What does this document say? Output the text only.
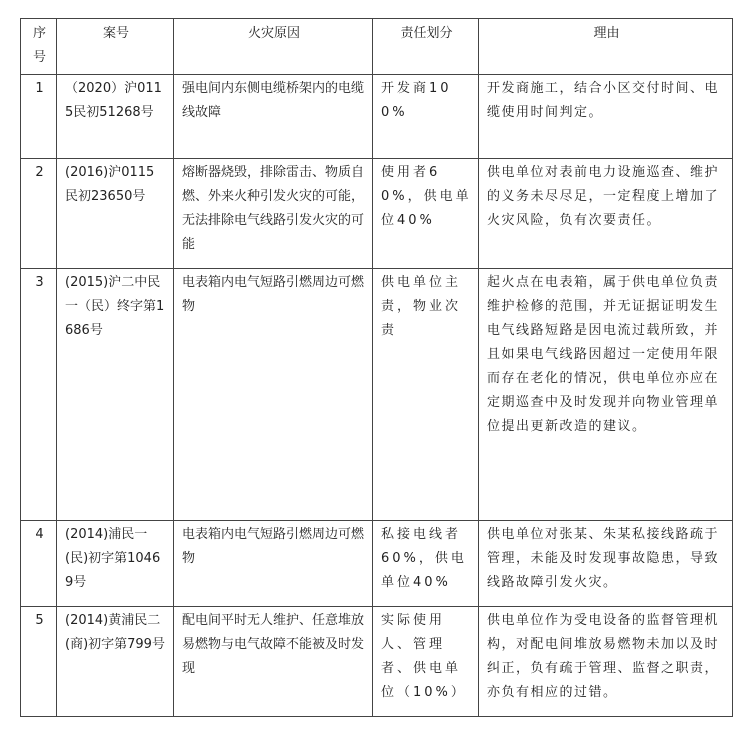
序号	案号	火灾原因	责任划分	理由
1	（2020）沪0115民初51268号	强电间内东侧电缆桥架内的电缆线故障	开发商100%	开发商施工，结合小区交付时间、电缆使用时间判定。
2	(2016)沪0115民初23650号	熔断器烧毁，排除雷击、物质自燃、外来火种引发火灾的可能，无法排除电气线路引发火灾的可能	使用者60%，供电单位40%	供电单位对表前电力设施巡查、维护的义务未尽尽足，一定程度上增加了火灾风险，负有次要责任。
3	(2015)沪二中民一（民）终字第1686号	电表箱内电气短路引燃周边可燃物	供电单位主责，物业次责	起火点在电表箱，属于供电单位负责维护检修的范围，并无证据证明发生电气线路短路是因电流过载所致，并且如果电气线路因超过一定使用年限而存在老化的情况，供电单位亦应在定期巡查中及时发现并向物业管理单位提出更新改造的建议。
4	(2014)浦民一(民)初字第10469号	电表箱内电气短路引燃周边可燃物	私接电线者60%，供电单位40%	供电单位对张某、朱某私接线路疏于管理，未能及时发现事故隐患，导致线路故障引发火灾。
5	(2014)黄浦民二(商)初字第799号	配电间平时无人维护、任意堆放易燃物与电气故障不能被及时发现	实际使用人、管理者、供电单位（10%）	供电单位作为受电设备的监督管理机构，对配电间堆放易燃物未加以及时纠正，负有疏于管理、监督之职责，亦负有相应的过错。
